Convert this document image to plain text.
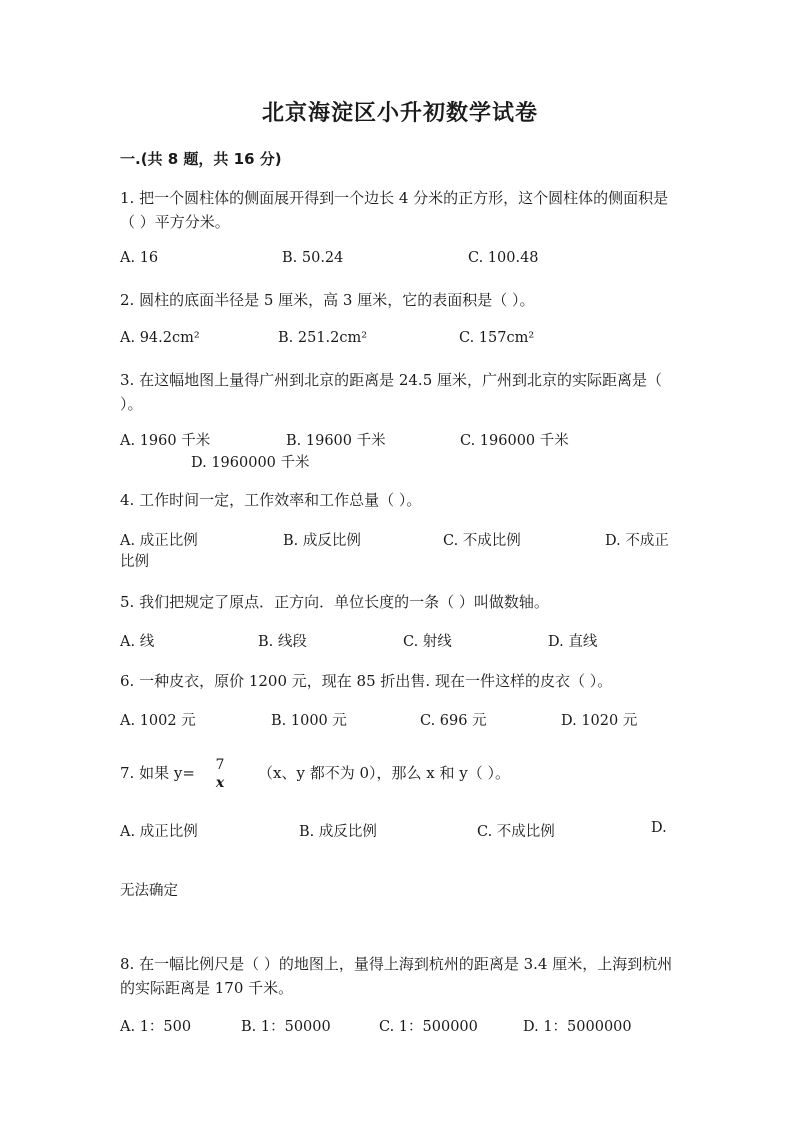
北京海淀区小升初数学试卷
一.(共 8 题，共 16 分)
1. 把一个圆柱体的侧面展开得到一个边长 4 分米的正方形，这个圆柱体的侧面积是（ ）平方分米。
A. 16	B. 50.24	C. 100.48
2. 圆柱的底面半径是 5 厘米，高 3 厘米，它的表面积是（ ）。
A. 94.2cm²	B. 251.2cm²	C. 157cm²
3. 在这幅地图上量得广州到北京的距离是 24.5 厘米，广州到北京的实际距离是（ ）。
A. 1960 千米	B. 19600 千米	C. 196000 千米
D. 1960000 千米
4. 工作时间一定，工作效率和工作总量（ ）。
A. 成正比例	B. 成反比例	C. 不成比例	D. 不成正
比例
5. 我们把规定了原点．正方向．单位长度的一条（ ）叫做数轴。
A. 线	B. 线段	C. 射线	D. 直线
6. 一种皮衣，原价 1200 元，现在 85 折出售. 现在一件这样的皮衣（ ）。
A. 1002 元	B. 1000 元	C. 696 元	D. 1020 元
7. 如果 y=	7
x
（x、y 都不为 0），那么 x 和 y（ ）。
A. 成正比例	B. 成反比例	C. 不成比例	D.
无法确定
8. 在一幅比例尺是（ ）的地图上，量得上海到杭州的距离是 3.4 厘米，上海到杭州的实际距离是 170 千米。
A. 1：500	B. 1：50000	C. 1：500000	D. 1：5000000
